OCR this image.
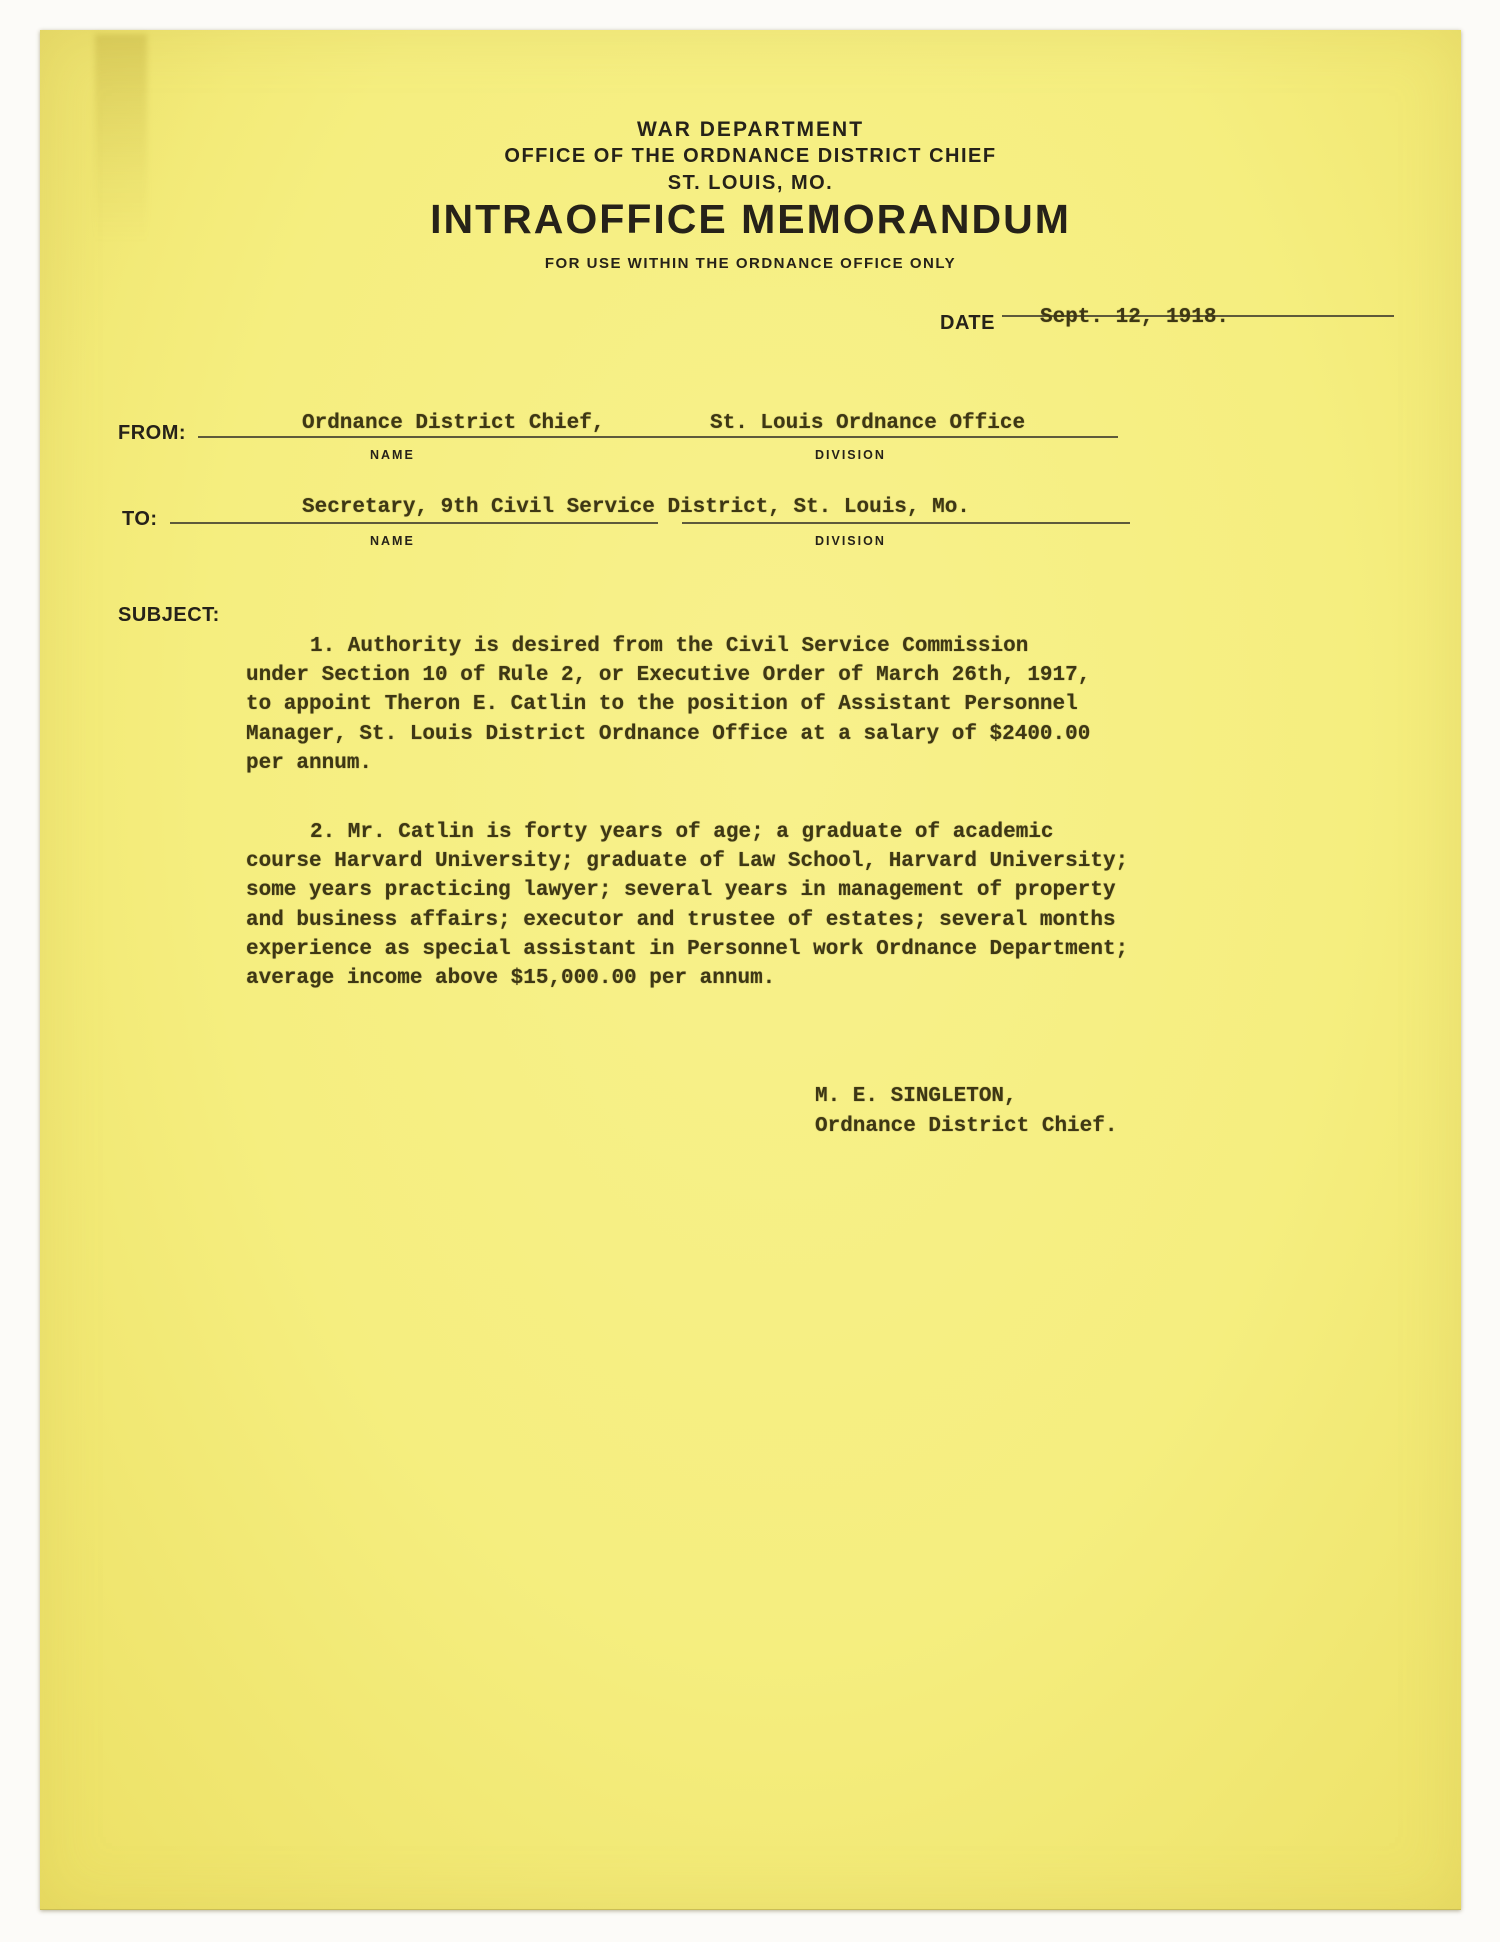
WAR DEPARTMENT
OFFICE OF THE ORDNANCE DISTRICT CHIEF
ST. LOUIS, MO.
INTRAOFFICE MEMORANDUM
FOR USE WITHIN THE ORDNANCE OFFICE ONLY
DATE Sept. 12, 1918.
FROM:	Ordnance District Chief,	St. Louis Ordnance Office
NAME	DIVISION
TO:	Secretary, 9th Civil Service District, St. Louis, Mo.
NAME	DIVISION
SUBJECT:
1. Authority is desired from the Civil Service Commission
under Section 10 of Rule 2, or Executive Order of March 26th, 1917,
to appoint Theron E. Catlin to the position of Assistant Personnel
Manager, St. Louis District Ordnance Office at a salary of $2400.00
per annum.
2. Mr. Catlin is forty years of age; a graduate of academic
course Harvard University; graduate of Law School, Harvard University;
some years practicing lawyer; several years in management of property
and business affairs; executor and trustee of estates; several months
experience as special assistant in Personnel work Ordnance Department;
average income above $15,000.00 per annum.
M. E. SINGLETON,
Ordnance District Chief.
